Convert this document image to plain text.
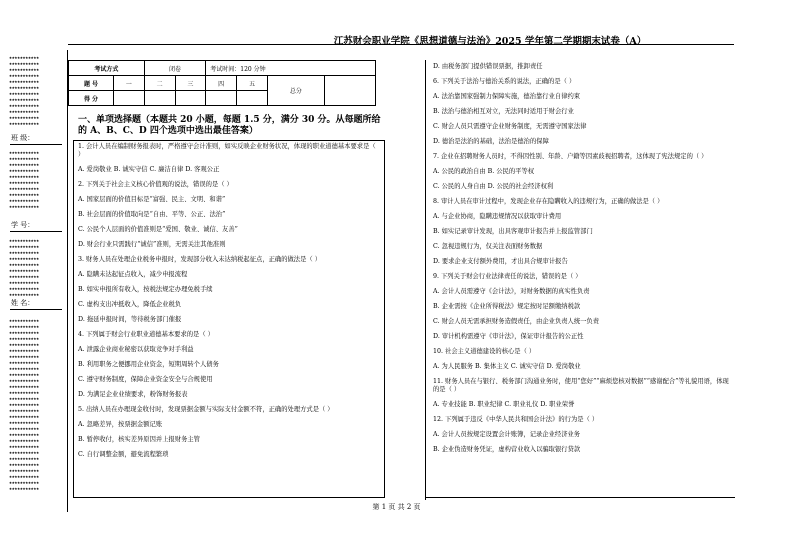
江苏财会职业学院《思想道德与法治》2025 学年第二学期期末试卷（A）
★★★★★★★★★★★
★★★★★★★★★★★
★★★★★★★★★★★
★★★★★★★★★★★
★★★★★★★★★★★
★★★★★★★★★★★
★★★★★★★★★★★
★★★★★★★★★★★
★★★★★★★★★★★
★★★★★★★★★★★
★★★★★★★★★★★
★★★★★★★★★★★
班 级：
★★★★★★★★★★★
★★★★★★★★★★★
★★★★★★★★★★★
★★★★★★★★★★★
★★★★★★★★★★★
★★★★★★★★★★★
★★★★★★★★★★★
★★★★★★★★★★★
★★★★★★★★★★★
★★★★★★★★★★★
学 号：
★★★★★★★★★★★
★★★★★★★★★★★
★★★★★★★★★★★
★★★★★★★★★★★
★★★★★★★★★★★
★★★★★★★★★★★
★★★★★★★★★★★
★★★★★★★★★★★
★★★★★★★★★★★
★★★★★★★★★★★
姓 名：
★★★★★★★★★★★
★★★★★★★★★★★
★★★★★★★★★★★
★★★★★★★★★★★
★★★★★★★★★★★
★★★★★★★★★★★
★★★★★★★★★★★
★★★★★★★★★★★
★★★★★★★★★★★
★★★★★★★★★★★
★★★★★★★★★★★
★★★★★★★★★★★
★★★★★★★★★★★
★★★★★★★★★★★
★★★★★★★★★★★
★★★★★★★★★★★
★★★★★★★★★★★
★★★★★★★★★★★
★★★★★★★★★★★
★★★★★★★★★★★
★★★★★★★★★★★
★★★★★★★★★★★
★★★★★★★★★★★
★★★★★★★★★★★
★★★★★★★★★★★
★★★★★★★★★★★
★★★★★★★★★★★
★★★★★★★★★★★
★★★★★★★★★★★
考试方式		闭卷		考试时间：120 分钟			
题 号	一	二	三	四	五	总分	
得 分							
一、单项选择题（本题共 20 小题，每题 1.5 分，满分 30 分。从每题所给的 A、B、C、D 四个选项中选出最佳答案）

1. 会计人员在编制财务报表时，严格遵守会计准则，如实反映企业财务状况，体现的职业道德基本要求是（ ）

A. 爱岗敬业 B. 诚实守信 C. 廉洁自律 D. 客观公正

2. 下列关于社会主义核心价值观的说法，错误的是（ ）

A. 国家层面的价值目标是“富强、民主、文明、和谐”

B. 社会层面的价值取向是“自由、平等、公正、法治”

C. 公民个人层面的价值准则是“爱国、敬业、诚信、友善”

D. 财会行业只需践行“诚信”准则，无需关注其他准则

3. 财务人员在处理企业税务申报时，发现部分收入未达纳税起征点，正确的做法是（ ）

A. 隐瞒未达起征点收入，减少申报流程

B. 如实申报所有收入，按税法规定办理免税手续

C. 虚构支出冲抵收入，降低企业税负

D. 拖延申报时间，等待税务部门催报

4. 下列属于财会行业职业道德基本要求的是（ ）

A. 泄露企业商业秘密以获取竞争对手利益

B. 利用职务之便挪用企业资金，短期周转个人债务

C. 遵守财务制度，保障企业资金安全与合规使用

D. 为满足企业业绩要求，粉饰财务报表

5. 出纳人员在办理现金收付时，发现票据金额与实际支付金额不符，正确的处理方式是（ ）

A. 忽略差异，按票据金额记账

B. 暂停收付，核实差异原因并上报财务主管

C. 自行调整金额，避免流程繁琐

D. 由税务部门提供错误票据，推卸责任

6. 下列关于法治与德治关系的说法，正确的是（ ）

A. 法治靠国家强制力保障实施，德治靠行业自律约束

B. 法治与德治相互对立，无法同时适用于财会行业

C. 财会人员只需遵守企业财务制度，无需遵守国家法律

D. 德治是法治的基础，法治是德治的保障

7. 企业在招聘财务人员时，不得因性别、年龄、户籍等因素歧视招聘者，这体现了宪法规定的（ ）

A. 公民的政治自由 B. 公民的平等权

C. 公民的人身自由 D. 公民的社会经济权利

8. 审计人员在审计过程中，发现企业存在隐瞒收入的违规行为，正确的做法是（ ）

A. 与企业协商，隐瞒违规情况以获取审计费用

B. 如实记录审计发现，出具客观审计报告并上报监管部门

C. 忽视违规行为，仅关注表面财务数据

D. 要求企业支付额外费用，才出具合规审计报告

9. 下列关于财会行业法律责任的说法，错误的是（ ）

A. 会计人员需遵守《会计法》，对财务数据的真实性负责

B. 企业需按《企业所得税法》规定按时足额缴纳税款

C. 财会人员无需承担财务造假责任，由企业负责人统一负责

D. 审计机构需遵守《审计法》，保证审计报告的公正性

10. 社会主义道德建设的核心是（ ）

A. 为人民服务 B. 集体主义 C. 诚实守信 D. 爱岗敬业

11. 财务人员在与银行、税务部门沟通业务时，使用“您好”“麻烦您核对数据”“感谢配合”等礼貌用语，体现的是（ ）

A. 专业技能 B. 职业纪律 C. 职业礼仪 D. 职业荣誉

12. 下列属于违反《中华人民共和国会计法》的行为是（ ）

A. 会计人员按规定设置会计账簿，记录企业经济业务

B. 企业伪造财务凭证，虚构营业收入以骗取银行贷款

第 1 页 共 2 页
